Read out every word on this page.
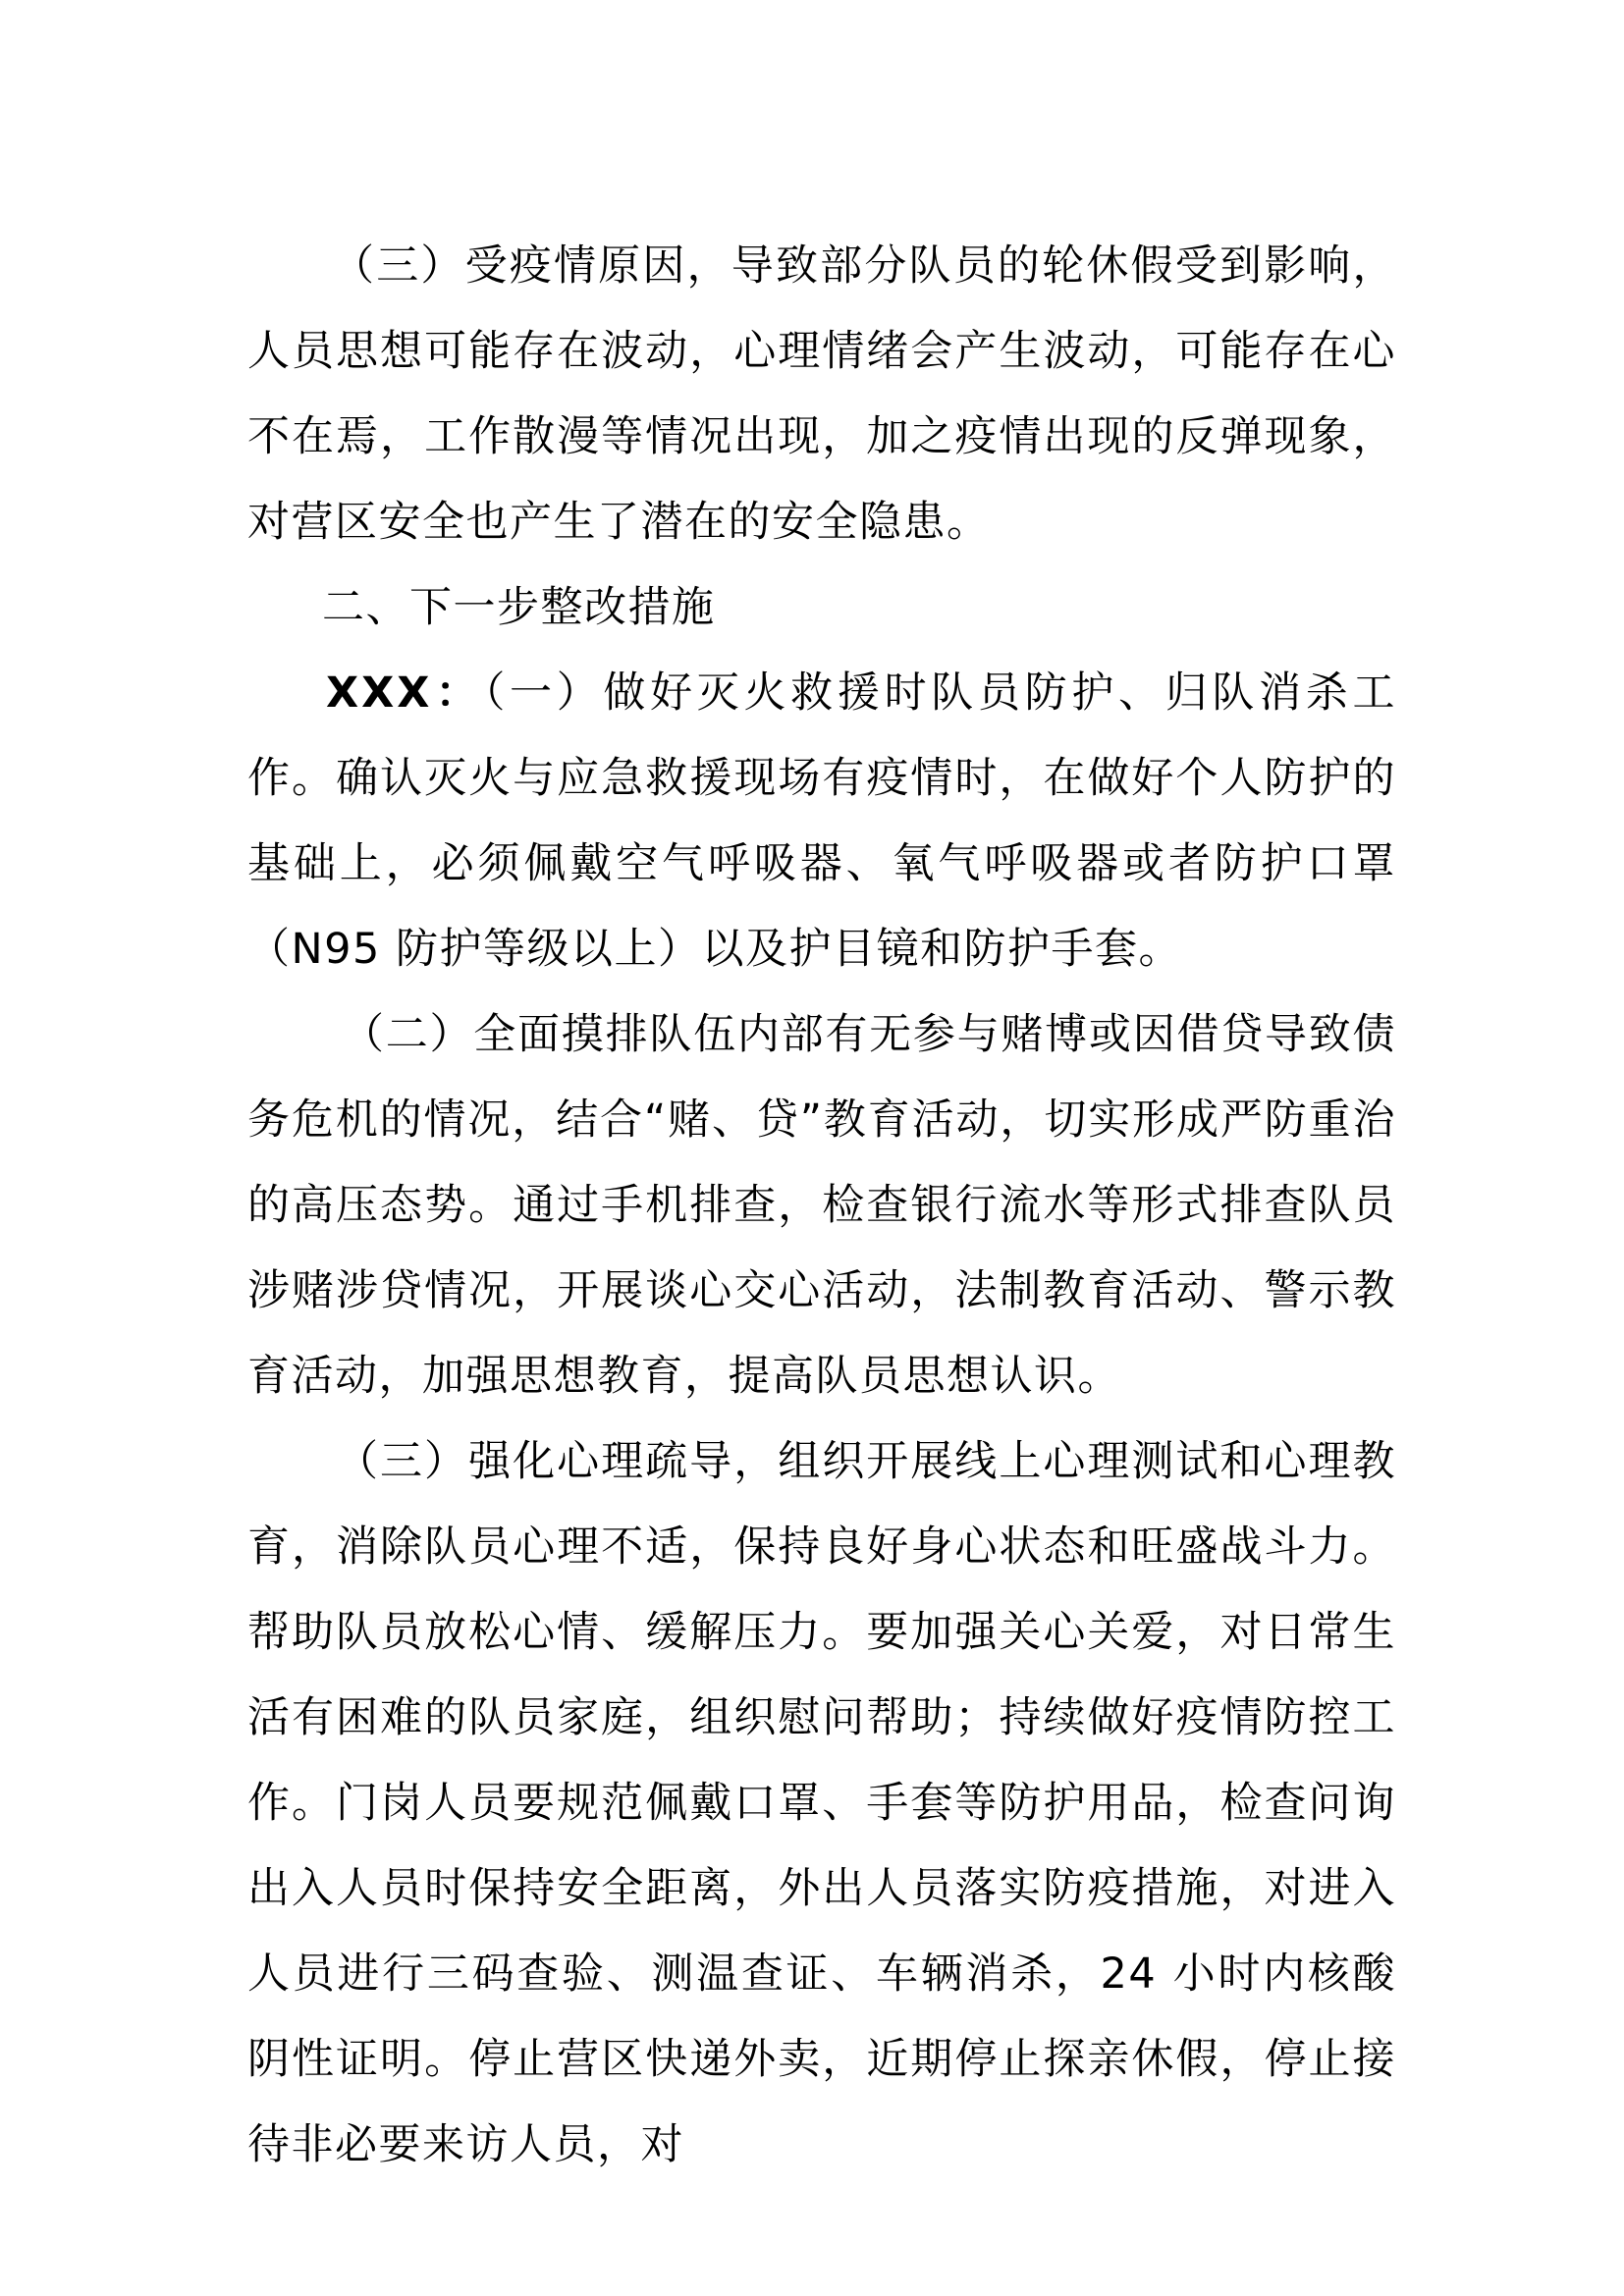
（三）受疫情原因，导致部分队员的轮休假受到影响，人员思想可能存在波动，心理情绪会产生波动，可能存在心不在焉，工作散漫等情况出现，加之疫情出现的反弹现象，对营区安全也产生了潜在的安全隐患。

二、下一步整改措施

XXX：（一）做好灭火救援时队员防护、归队消杀工作。确认灭火与应急救援现场有疫情时，在做好个人防护的基础上，必须佩戴空气呼吸器、氧气呼吸器或者防护口罩（N95 防护等级以上）以及护目镜和防护手套。

（二）全面摸排队伍内部有无参与赌博或因借贷导致债务危机的情况，结合“赌、贷”教育活动，切实形成严防重治的高压态势。通过手机排查，检查银行流水等形式排查队员涉赌涉贷情况，开展谈心交心活动，法制教育活动、警示教育活动，加强思想教育，提高队员思想认识。

（三）强化心理疏导，组织开展线上心理测试和心理教育，消除队员心理不适，保持良好身心状态和旺盛战斗力。帮助队员放松心情、缓解压力。要加强关心关爱，对日常生活有困难的队员家庭，组织慰问帮助；持续做好疫情防控工作。门岗人员要规范佩戴口罩、手套等防护用品，检查问询出入人员时保持安全距离，外出人员落实防疫措施，对进入人员进行三码查验、测温查证、车辆消杀，24 小时内核酸阴性证明。停止营区快递外卖，近期停止探亲休假，停止接待非必要来访人员，对
